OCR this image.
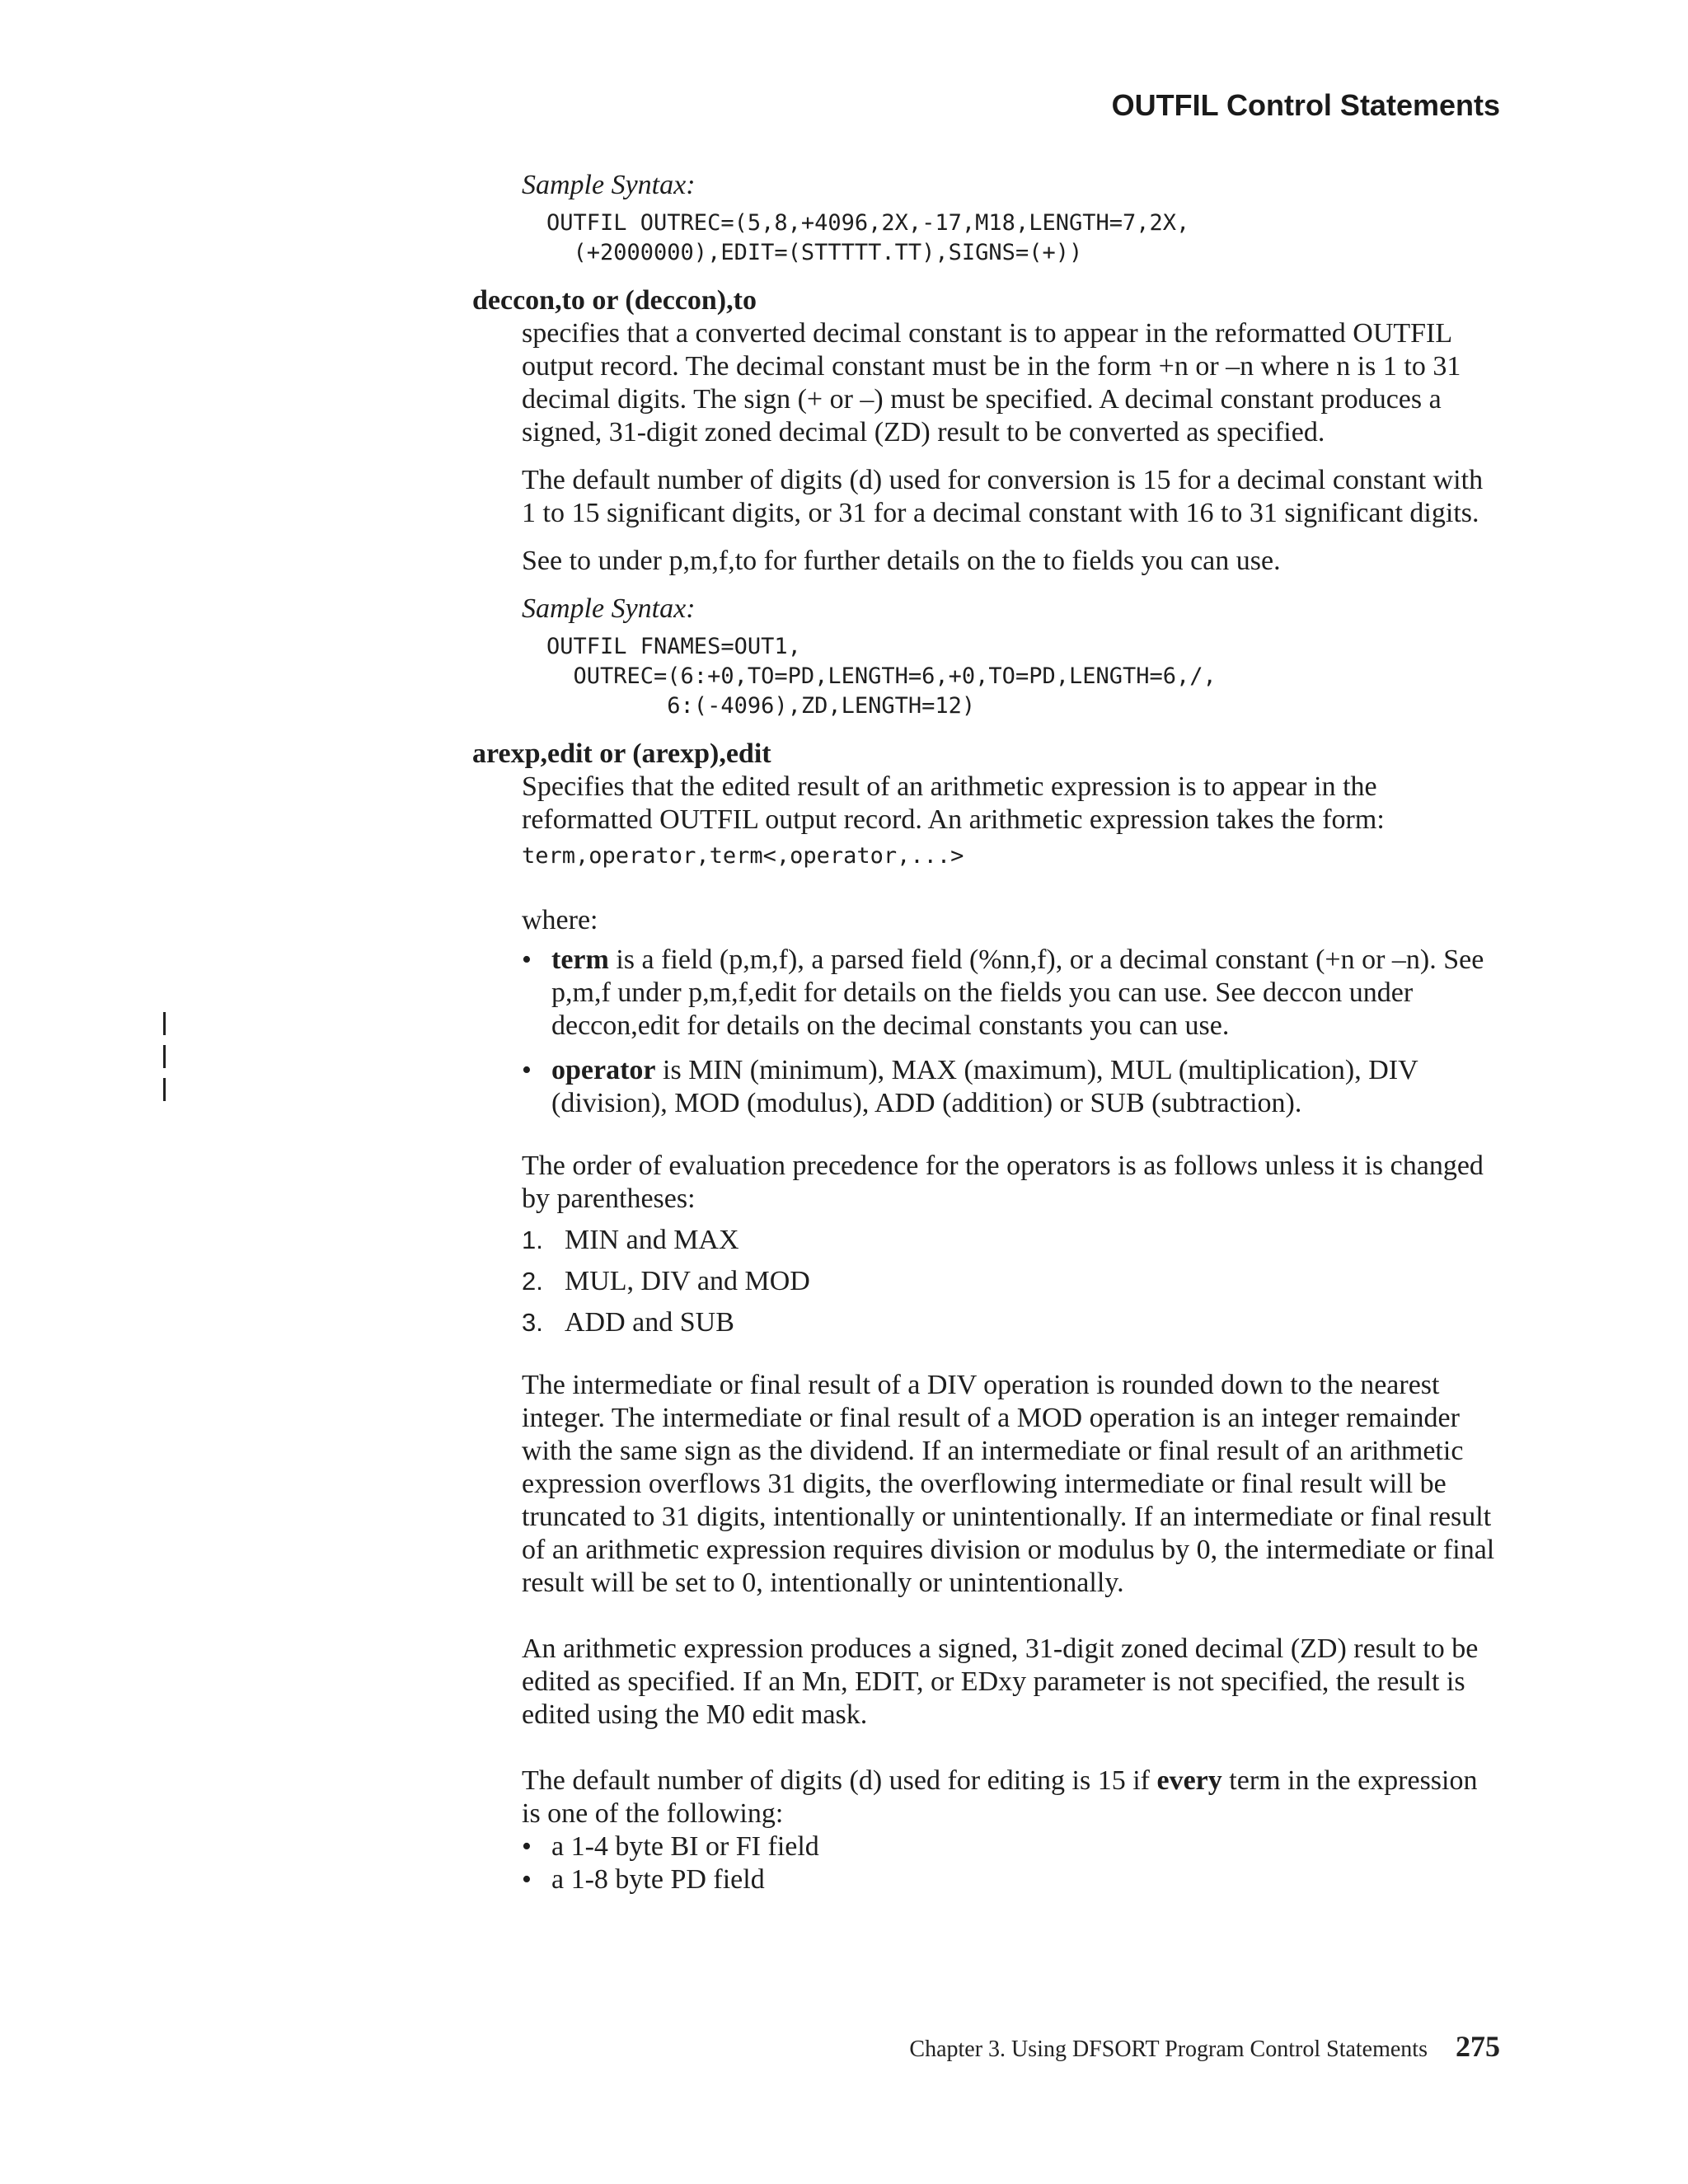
OUTFIL Control Statements
Sample Syntax:
OUTFIL OUTREC=(5,8,+4096,2X,-17,M18,LENGTH=7,2X,
(+2000000),EDIT=(STTTTT.TT),SIGNS=(+))
deccon,to or (deccon),to

specifies that a converted decimal constant is to appear in the reformatted OUTFIL output record. The decimal constant must be in the form +n or –n where n is 1 to 31 decimal digits. The sign (+ or –) must be specified. A decimal constant produces a signed, 31-digit zoned decimal (ZD) result to be converted as specified.

The default number of digits (d) used for conversion is 15 for a decimal constant with 1 to 15 significant digits, or 31 for a decimal constant with 16 to 31 significant digits.

See to under p,m,f,to for further details on the to fields you can use.

Sample Syntax:
OUTFIL FNAMES=OUT1,
OUTREC=(6:+0,TO=PD,LENGTH=6,+0,TO=PD,LENGTH=6,/,
6:(-4096),ZD,LENGTH=12)
arexp,edit or (arexp),edit

Specifies that the edited result of an arithmetic expression is to appear in the reformatted OUTFIL output record. An arithmetic expression takes the form:

term,operator,term<,operator,...>

where:

• term is a field (p,m,f), a parsed field (%nn,f), or a decimal constant (+n or –n). See p,m,f under p,m,f,edit for details on the fields you can use. See deccon under deccon,edit for details on the decimal constants you can use.
• operator is MIN (minimum), MAX (maximum), MUL (multiplication), DIV (division), MOD (modulus), ADD (addition) or SUB (subtraction).

The order of evaluation precedence for the operators is as follows unless it is changed by parentheses:

1. MIN and MAX
2. MUL, DIV and MOD
3. ADD and SUB

The intermediate or final result of a DIV operation is rounded down to the nearest integer. The intermediate or final result of a MOD operation is an integer remainder with the same sign as the dividend. If an intermediate or final result of an arithmetic expression overflows 31 digits, the overflowing intermediate or final result will be truncated to 31 digits, intentionally or unintentionally. If an intermediate or final result of an arithmetic expression requires division or modulus by 0, the intermediate or final result will be set to 0, intentionally or unintentionally.

An arithmetic expression produces a signed, 31-digit zoned decimal (ZD) result to be edited as specified. If an Mn, EDIT, or EDxy parameter is not specified, the result is edited using the M0 edit mask.

The default number of digits (d) used for editing is 15 if every term in the expression is one of the following:

• a 1-4 byte BI or FI field
• a 1-8 byte PD field
Chapter 3. Using DFSORT Program Control Statements 275
